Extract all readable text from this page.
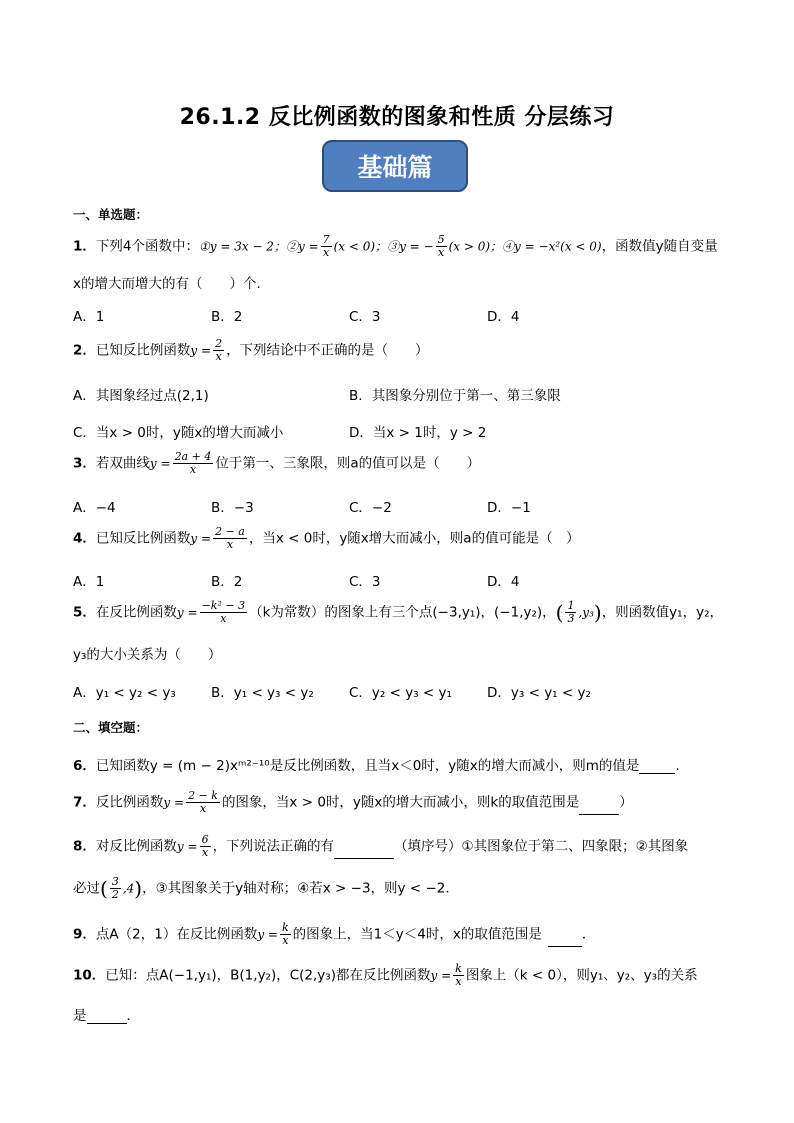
26.1.2 反比例函数的图象和性质 分层练习
基础篇
一、单选题：
1．下列4个函数中：①y = 3x − 2；②y = $\frac{7}{x} (x < 0)$；③y = − $\frac{5}{x} (x > 0)$；④y = −x²(x < 0)，函数值y随自变量
x的增大而增大的有（　　）个．
A．1	B．2	C．3	D．4
2．已知反比例函数$y = \frac{2}{x}$ ，下列结论中不正确的是（　　）
A．其图象经过点(2,1)	B．其图象分别位于第一、第三象限
C．当x > 0时，y随x的增大而减小	D．当x > 1时，y > 2
3．若双曲线$y = \frac{2a + 4}{x}$ 位于第一、三象限，则a的值可以是（　　）
A．−4	B．−3	C．−2	D．−1
4．已知反比例函数$y = \frac{2 - a}{x}$ ，当x < 0时，y随x增大而减小，则a的值可能是（　）
A．1	B．2	C．3	D．4
5．在反比例函数$y = \frac{\text{−k² − 3}}{x} (k$为常数）的图象上有三个点(−3,y₁)，(−1,y₂)，( $\frac{1}{3} ,y_3$)，则函数值y₁，y₂，
y₃的大小关系为（　　）
A．y₁ < y₂ < y₃	B．y₁ < y₃ < y₂	C．y₂ < y₃ < y₁	D．y₃ < y₁ < y₂
二、填空题：
6．已知函数y = (m − 2)xᵐ²⁻¹⁰是反比例函数，且当x＜0时，y随x的增大而减小，则m的值是	．
7．反比例函数$y = \frac{2 - k}{x}$ 的图象，当x > 0时，y随x的增大而减小，则k的取值范围是	）
8．对反比例函数$y = \frac{6}{x}$ ，下列说法正确的有	（填序号）①其图象位于第二、四象限；②其图象
必过( $\frac{3}{2} ,4$)，③其图象关于y轴对称；④若x > −3，则y < −2．
9．点A（2，1）在反比例函数$y = \frac{k}{x}$ 的图象上，当1＜y＜4时，x的取值范围是	．
10．已知：点A(−1,y₁)，B(1,y₂)，C(2,y₃)都在反比例函数$y = \frac{k}{x}$ 图象上（k < 0），则y₁、y₂、y₃的关系
是	．
